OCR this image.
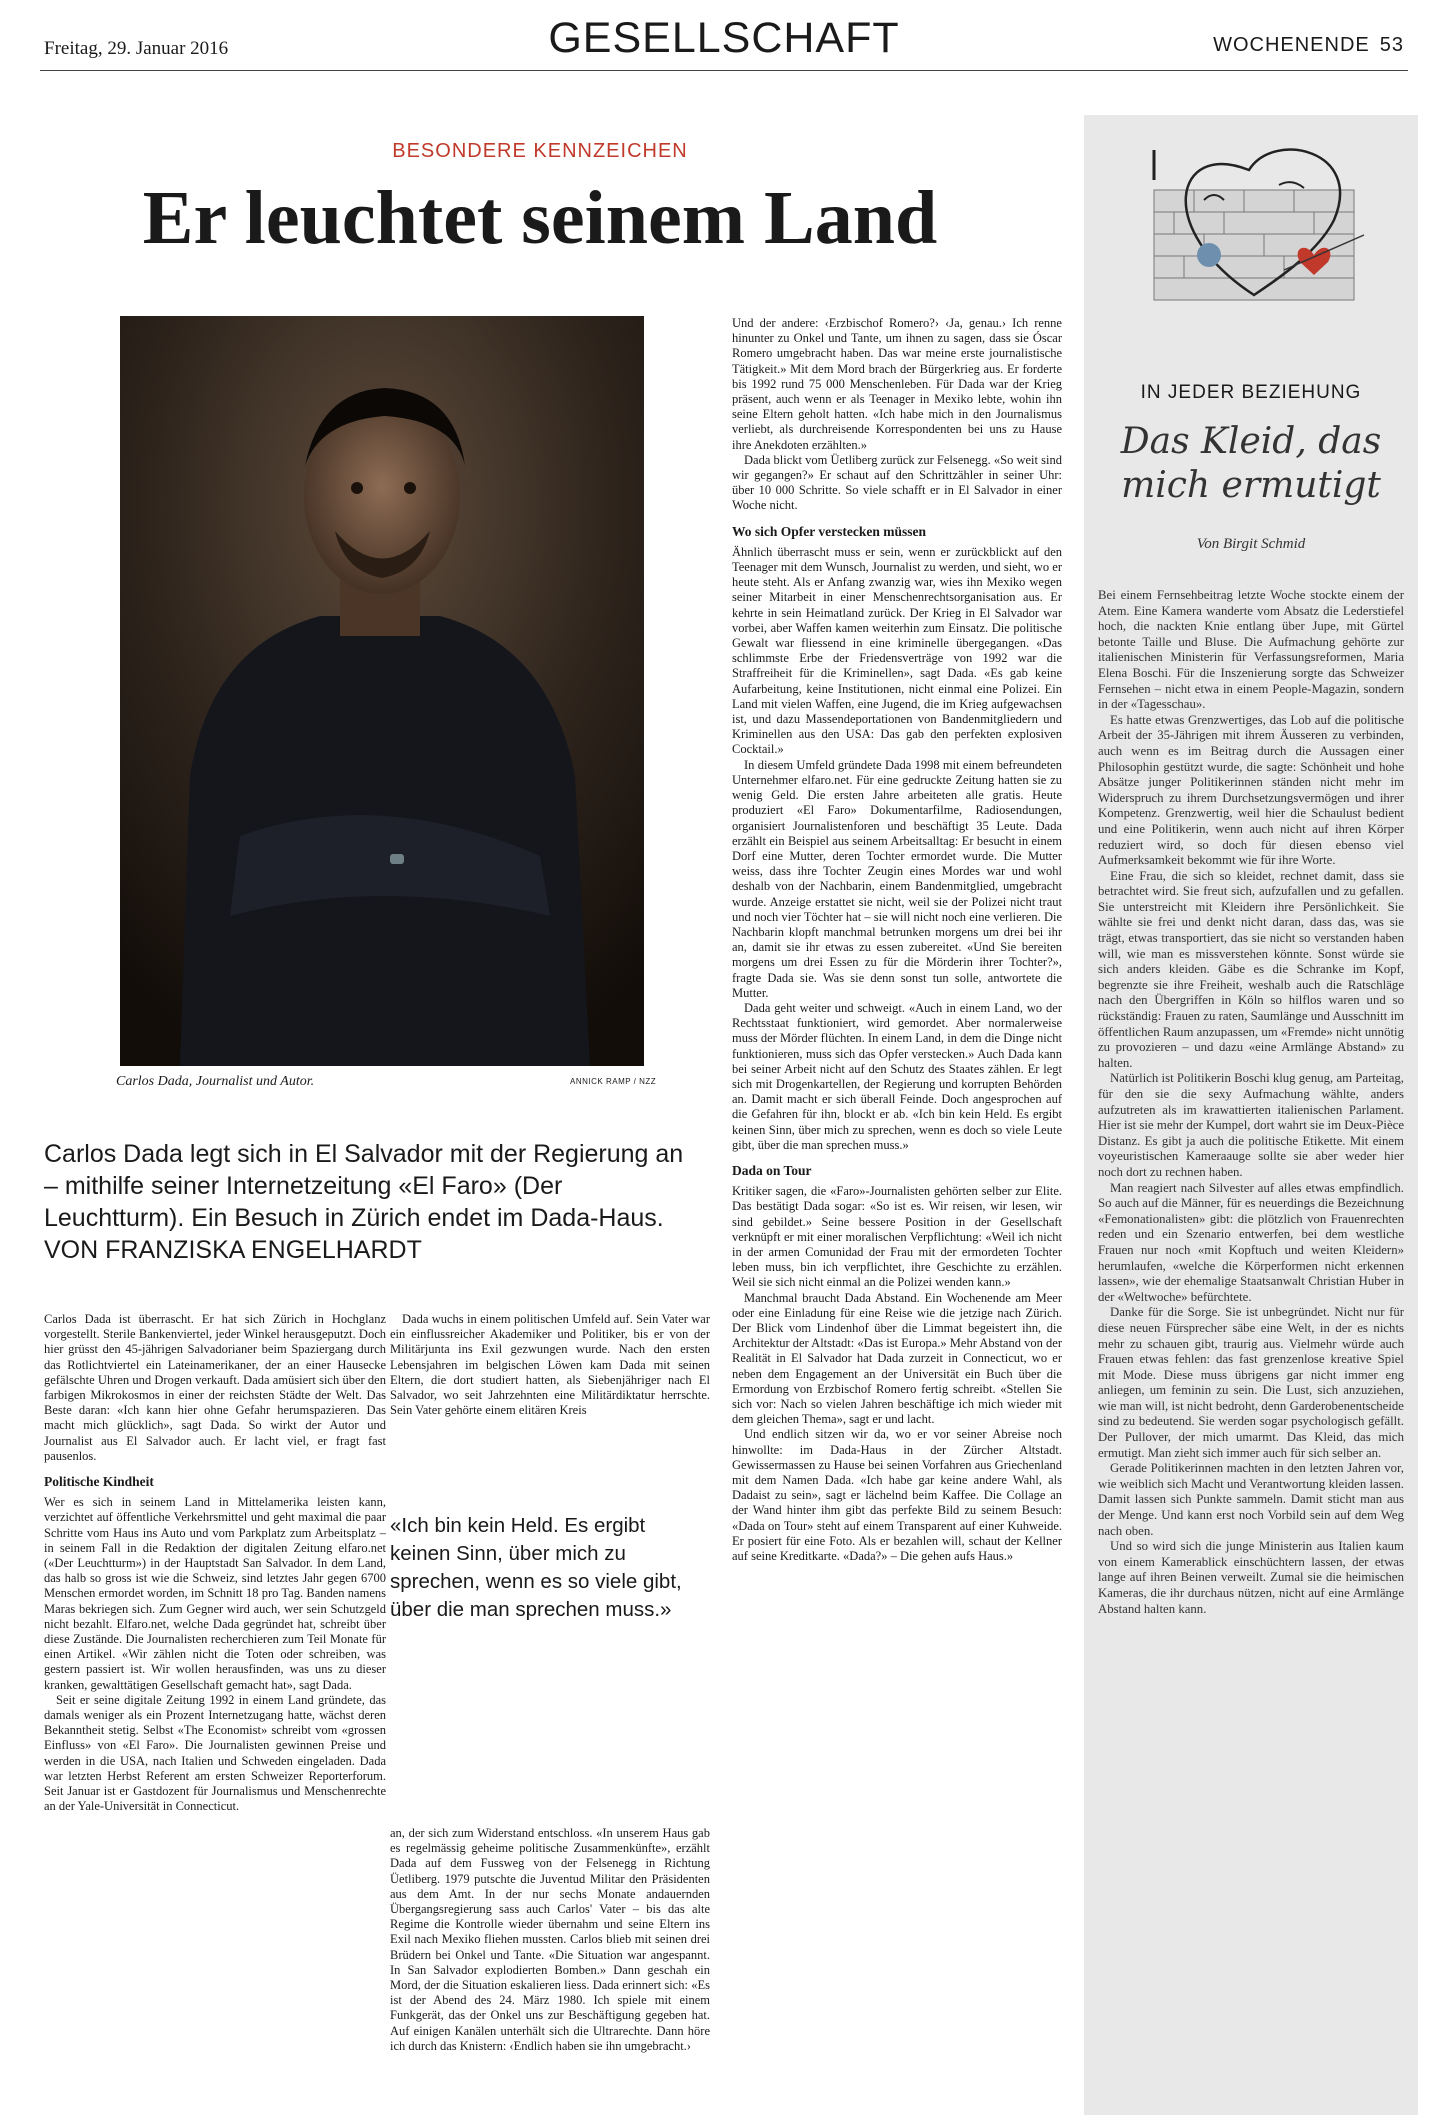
Freitag, 29. Januar 2016	GESELLSCHAFT	WOCHENENDE 53
BESONDERE KENNZEICHEN
Er leuchtet seinem Land
Carlos Dada, Journalist und Autor.	ANNICK RAMP / NZZ
Carlos Dada legt sich in El Salvador mit der Regierung an – mithilfe seiner Internetzeitung «El Faro» (Der Leuchtturm). Ein Besuch in Zürich endet im Dada-Haus. VON FRANZISKA ENGELHARDT

Carlos Dada ist überrascht. Er hat sich Zürich in Hochglanz vorgestellt. Sterile Bankenviertel, jeder Winkel herausgeputzt. Doch hier grüsst den 45-jährigen Salvadorianer beim Spaziergang durch das Rotlichtviertel ein Lateinamerikaner, der an einer Hausecke gefälschte Uhren und Drogen verkauft. Dada amüsiert sich über den farbigen Mikrokosmos in einer der reichsten Städte der Welt. Das Beste daran: «Ich kann hier ohne Gefahr herumspazieren. Das macht mich glücklich», sagt Dada. So wirkt der Autor und Journalist aus El Salvador auch. Er lacht viel, er fragt fast pausenlos.

Politische Kindheit

Wer es sich in seinem Land in Mittelamerika leisten kann, verzichtet auf öffentliche Verkehrsmittel und geht maximal die paar Schritte vom Haus ins Auto und vom Parkplatz zum Arbeitsplatz – in seinem Fall in die Redaktion der digitalen Zeitung elfaro.net («Der Leuchtturm») in der Hauptstadt San Salvador. In dem Land, das halb so gross ist wie die Schweiz, sind letztes Jahr gegen 6700 Menschen ermordet worden, im Schnitt 18 pro Tag. Banden namens Maras bekriegen sich. Zum Gegner wird auch, wer sein Schutzgeld nicht bezahlt. Elfaro.net, welche Dada gegründet hat, schreibt über diese Zustände. Die Journalisten recherchieren zum Teil Monate für einen Artikel. «Wir zählen nicht die Toten oder schreiben, was gestern passiert ist. Wir wollen herausfinden, was uns zu dieser kranken, gewalttätigen Gesellschaft gemacht hat», sagt Dada.

Seit er seine digitale Zeitung 1992 in einem Land gründete, das damals weniger als ein Prozent Internetzugang hatte, wächst deren Bekanntheit stetig. Selbst «The Economist» schreibt vom «grossen Einfluss» von «El Faro». Die Journalisten gewinnen Preise und werden in die USA, nach Italien und Schweden eingeladen. Dada war letzten Herbst Referent am ersten Schweizer Reporterforum. Seit Januar ist er Gastdozent für Journalismus und Menschenrechte an der Yale-Universität in Connecticut.

Dada wuchs in einem politischen Umfeld auf. Sein Vater war ein einflussreicher Akademiker und Politiker, bis er von der Militärjunta ins Exil gezwungen wurde. Nach den ersten Lebensjahren im belgischen Löwen kam Dada mit seinen Eltern, die dort studiert hatten, als Siebenjähriger nach El Salvador, wo seit Jahrzehnten eine Militärdiktatur herrschte. Sein Vater gehörte einem elitären Kreis

«Ich bin kein Held. Es ergibt keinen Sinn, über mich zu sprechen, wenn es so viele gibt, über die man sprechen muss.»

an, der sich zum Widerstand entschloss. «In unserem Haus gab es regelmässig geheime politische Zusammenkünfte», erzählt Dada auf dem Fussweg von der Felsenegg in Richtung Üetliberg. 1979 putschte die Juventud Militar den Präsidenten aus dem Amt. In der nur sechs Monate andauernden Übergangsregierung sass auch Carlos' Vater – bis das alte Regime die Kontrolle wieder übernahm und seine Eltern ins Exil nach Mexiko fliehen mussten. Carlos blieb mit seinen drei Brüdern bei Onkel und Tante. «Die Situation war angespannt. In San Salvador explodierten Bomben.» Dann geschah ein Mord, der die Situation eskalieren liess. Dada erinnert sich: «Es ist der Abend des 24. März 1980. Ich spiele mit einem Funkgerät, das der Onkel uns zur Beschäftigung gegeben hat. Auf einigen Kanälen unterhält sich die Ultrarechte. Dann höre ich durch das Knistern: ‹Endlich haben sie ihn umgebracht.›

Und der andere: ‹Erzbischof Romero?› ‹Ja, genau.› Ich renne hinunter zu Onkel und Tante, um ihnen zu sagen, dass sie Óscar Romero umgebracht haben. Das war meine erste journalistische Tätigkeit.» Mit dem Mord brach der Bürgerkrieg aus. Er forderte bis 1992 rund 75 000 Menschenleben. Für Dada war der Krieg präsent, auch wenn er als Teenager in Mexiko lebte, wohin ihn seine Eltern geholt hatten. «Ich habe mich in den Journalismus verliebt, als durchreisende Korrespondenten bei uns zu Hause ihre Anekdoten erzählten.»

Dada blickt vom Üetliberg zurück zur Felsenegg. «So weit sind wir gegangen?» Er schaut auf den Schrittzähler in seiner Uhr: über 10 000 Schritte. So viele schafft er in El Salvador in einer Woche nicht.

Wo sich Opfer verstecken müssen

Ähnlich überrascht muss er sein, wenn er zurückblickt auf den Teenager mit dem Wunsch, Journalist zu werden, und sieht, wo er heute steht. Als er Anfang zwanzig war, wies ihn Mexiko wegen seiner Mitarbeit in einer Menschenrechtsorganisation aus. Er kehrte in sein Heimatland zurück. Der Krieg in El Salvador war vorbei, aber Waffen kamen weiterhin zum Einsatz. Die politische Gewalt war fliessend in eine kriminelle übergegangen. «Das schlimmste Erbe der Friedensverträge von 1992 war die Straffreiheit für die Kriminellen», sagt Dada. «Es gab keine Aufarbeitung, keine Institutionen, nicht einmal eine Polizei. Ein Land mit vielen Waffen, eine Jugend, die im Krieg aufgewachsen ist, und dazu Massendeportationen von Bandenmitgliedern und Kriminellen aus den USA: Das gab den perfekten explosiven Cocktail.»

In diesem Umfeld gründete Dada 1998 mit einem befreundeten Unternehmer elfaro.net. Für eine gedruckte Zeitung hatten sie zu wenig Geld. Die ersten Jahre arbeiteten alle gratis. Heute produziert «El Faro» Dokumentarfilme, Radiosendungen, organisiert Journalistenforen und beschäftigt 35 Leute. Dada erzählt ein Beispiel aus seinem Arbeitsalltag: Er besucht in einem Dorf eine Mutter, deren Tochter ermordet wurde. Die Mutter weiss, dass ihre Tochter Zeugin eines Mordes war und wohl deshalb von der Nachbarin, einem Bandenmitglied, umgebracht wurde. Anzeige erstattet sie nicht, weil sie der Polizei nicht traut und noch vier Töchter hat – sie will nicht noch eine verlieren. Die Nachbarin klopft manchmal betrunken morgens um drei bei ihr an, damit sie ihr etwas zu essen zubereitet. «Und Sie bereiten morgens um drei Essen zu für die Mörderin ihrer Tochter?», fragte Dada sie. Was sie denn sonst tun solle, antwortete die Mutter.

Dada geht weiter und schweigt. «Auch in einem Land, wo der Rechtsstaat funktioniert, wird gemordet. Aber normalerweise muss der Mörder flüchten. In einem Land, in dem die Dinge nicht funktionieren, muss sich das Opfer verstecken.» Auch Dada kann bei seiner Arbeit nicht auf den Schutz des Staates zählen. Er legt sich mit Drogenkartellen, der Regierung und korrupten Behörden an. Damit macht er sich überall Feinde. Doch angesprochen auf die Gefahren für ihn, blockt er ab. «Ich bin kein Held. Es ergibt keinen Sinn, über mich zu sprechen, wenn es doch so viele Leute gibt, über die man sprechen muss.»

Dada on Tour

Kritiker sagen, die «Faro»-Journalisten gehörten selber zur Elite. Das bestätigt Dada sogar: «So ist es. Wir reisen, wir lesen, wir sind gebildet.» Seine bessere Position in der Gesellschaft verknüpft er mit einer moralischen Verpflichtung: «Weil ich nicht in der armen Comunidad der Frau mit der ermordeten Tochter leben muss, bin ich verpflichtet, ihre Geschichte zu erzählen. Weil sie sich nicht einmal an die Polizei wenden kann.»

Manchmal braucht Dada Abstand. Ein Wochenende am Meer oder eine Einladung für eine Reise wie die jetzige nach Zürich. Der Blick vom Lindenhof über die Limmat begeistert ihn, die Architektur der Altstadt: «Das ist Europa.» Mehr Abstand von der Realität in El Salvador hat Dada zurzeit in Connecticut, wo er neben dem Engagement an der Universität ein Buch über die Ermordung von Erzbischof Romero fertig schreibt. «Stellen Sie sich vor: Nach so vielen Jahren beschäftige ich mich wieder mit dem gleichen Thema», sagt er und lacht.

Und endlich sitzen wir da, wo er vor seiner Abreise noch hinwollte: im Dada-Haus in der Zürcher Altstadt. Gewissermassen zu Hause bei seinen Vorfahren aus Griechenland mit dem Namen Dada. «Ich habe gar keine andere Wahl, als Dadaist zu sein», sagt er lächelnd beim Kaffee. Die Collage an der Wand hinter ihm gibt das perfekte Bild zu seinem Besuch: «Dada on Tour» steht auf einem Transparent auf einer Kuhweide. Er posiert für eine Foto. Als er bezahlen will, schaut der Kellner auf seine Kreditkarte. «Dada?» – Die gehen aufs Haus.»

IN JEDER BEZIEHUNG
Das Kleid, das mich ermutigt
Von Birgit Schmid

Bei einem Fernsehbeitrag letzte Woche stockte einem der Atem. Eine Kamera wanderte vom Absatz die Lederstiefel hoch, die nackten Knie entlang über Jupe, mit Gürtel betonte Taille und Bluse. Die Aufmachung gehörte zur italienischen Ministerin für Verfassungsreformen, Maria Elena Boschi. Für die Inszenierung sorgte das Schweizer Fernsehen – nicht etwa in einem People-Magazin, sondern in der «Tagesschau».

Es hatte etwas Grenzwertiges, das Lob auf die politische Arbeit der 35-Jährigen mit ihrem Äusseren zu verbinden, auch wenn es im Beitrag durch die Aussagen einer Philosophin gestützt wurde, die sagte: Schönheit und hohe Absätze junger Politikerinnen ständen nicht mehr im Widerspruch zu ihrem Durchsetzungsvermögen und ihrer Kompetenz. Grenzwertig, weil hier die Schaulust bedient und eine Politikerin, wenn auch nicht auf ihren Körper reduziert wird, so doch für diesen ebenso viel Aufmerksamkeit bekommt wie für ihre Worte.

Eine Frau, die sich so kleidet, rechnet damit, dass sie betrachtet wird. Sie freut sich, aufzufallen und zu gefallen. Sie unterstreicht mit Kleidern ihre Persönlichkeit. Sie wählte sie frei und denkt nicht daran, dass das, was sie trägt, etwas transportiert, das sie nicht so verstanden haben will, wie man es missverstehen könnte. Sonst würde sie sich anders kleiden. Gäbe es die Schranke im Kopf, begrenzte sie ihre Freiheit, weshalb auch die Ratschläge nach den Übergriffen in Köln so hilflos waren und so rückständig: Frauen zu raten, Saumlänge und Ausschnitt im öffentlichen Raum anzupassen, um «Fremde» nicht unnötig zu provozieren – und dazu «eine Armlänge Abstand» zu halten.

Natürlich ist Politikerin Boschi klug genug, am Parteitag, für den sie die sexy Aufmachung wählte, anders aufzutreten als im krawattierten italienischen Parlament. Hier ist sie mehr der Kumpel, dort wahrt sie im Deux-Pièce Distanz. Es gibt ja auch die politische Etikette. Mit einem voyeuristischen Kameraauge sollte sie aber weder hier noch dort zu rechnen haben.

Man reagiert nach Silvester auf alles etwas empfindlich. So auch auf die Männer, für es neuerdings die Bezeichnung «Femonationalisten» gibt: die plötzlich von Frauenrechten reden und ein Szenario entwerfen, bei dem westliche Frauen nur noch «mit Kopftuch und weiten Kleidern» herumlaufen, «welche die Körperformen nicht erkennen lassen», wie der ehemalige Staatsanwalt Christian Huber in der «Weltwoche» befürchtete.

Danke für die Sorge. Sie ist unbegründet. Nicht nur für diese neuen Fürsprecher säbe eine Welt, in der es nichts mehr zu schauen gibt, traurig aus. Vielmehr würde auch Frauen etwas fehlen: das fast grenzenlose kreative Spiel mit Mode. Diese muss übrigens gar nicht immer eng anliegen, um feminin zu sein. Die Lust, sich anzuziehen, wie man will, ist nicht bedroht, denn Garderobenentscheide sind zu bedeutend. Sie werden sogar psychologisch gefällt. Der Pullover, der mich umarmt. Das Kleid, das mich ermutigt. Man zieht sich immer auch für sich selber an.

Gerade Politikerinnen machten in den letzten Jahren vor, wie weiblich sich Macht und Verantwortung kleiden lassen. Damit lassen sich Punkte sammeln. Damit sticht man aus der Menge. Und kann erst noch Vorbild sein auf dem Weg nach oben.

Und so wird sich die junge Ministerin aus Italien kaum von einem Kamerablick einschüchtern lassen, der etwas lange auf ihren Beinen verweilt. Zumal sie die heimischen Kameras, die ihr durchaus nützen, nicht auf eine Armlänge Abstand halten kann.
